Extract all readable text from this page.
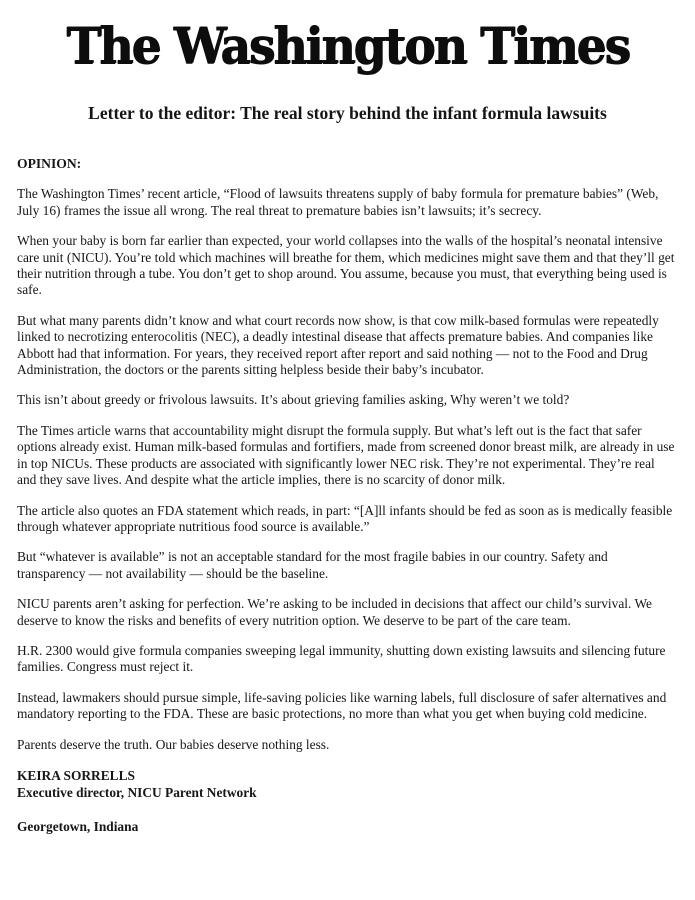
The Washington Times
Letter to the editor: The real story behind the infant formula lawsuits
OPINION:

The Washington Times’ recent article, “Flood of lawsuits threatens supply of baby formula for premature babies” (Web, July 16) frames the issue all wrong. The real threat to premature babies isn’t lawsuits; it’s secrecy.

When your baby is born far earlier than expected, your world collapses into the walls of the hospital’s neonatal intensive care unit (NICU). You’re told which machines will breathe for them, which medicines might save them and that they’ll get their nutrition through a tube. You don’t get to shop around. You assume, because you must, that everything being used is safe.

But what many parents didn’t know and what court records now show, is that cow milk-based formulas were repeatedly linked to necrotizing enterocolitis (NEC), a deadly intestinal disease that affects premature babies. And companies like Abbott had that information. For years, they received report after report and said nothing — not to the Food and Drug Administration, the doctors or the parents sitting helpless beside their baby’s incubator.

This isn’t about greedy or frivolous lawsuits. It’s about grieving families asking, Why weren’t we told?

The Times article warns that accountability might disrupt the formula supply. But what’s left out is the fact that safer options already exist. Human milk-based formulas and fortifiers, made from screened donor breast milk, are already in use in top NICUs. These products are associated with significantly lower NEC risk. They’re not experimental. They’re real and they save lives. And despite what the article implies, there is no scarcity of donor milk.

The article also quotes an FDA statement which reads, in part: “[A]ll infants should be fed as soon as is medically feasible through whatever appropriate nutritious food source is available.”

But “whatever is available” is not an acceptable standard for the most fragile babies in our country. Safety and transparency — not availability — should be the baseline.

NICU parents aren’t asking for perfection. We’re asking to be included in decisions that affect our child’s survival. We deserve to know the risks and benefits of every nutrition option. We deserve to be part of the care team.

H.R. 2300 would give formula companies sweeping legal immunity, shutting down existing lawsuits and silencing future families. Congress must reject it.

Instead, lawmakers should pursue simple, life-saving policies like warning labels, full disclosure of safer alternatives and mandatory reporting to the FDA. These are basic protections, no more than what you get when buying cold medicine.

Parents deserve the truth. Our babies deserve nothing less.

KEIRA SORRELLS
Executive director, NICU Parent Network
Georgetown, Indiana
